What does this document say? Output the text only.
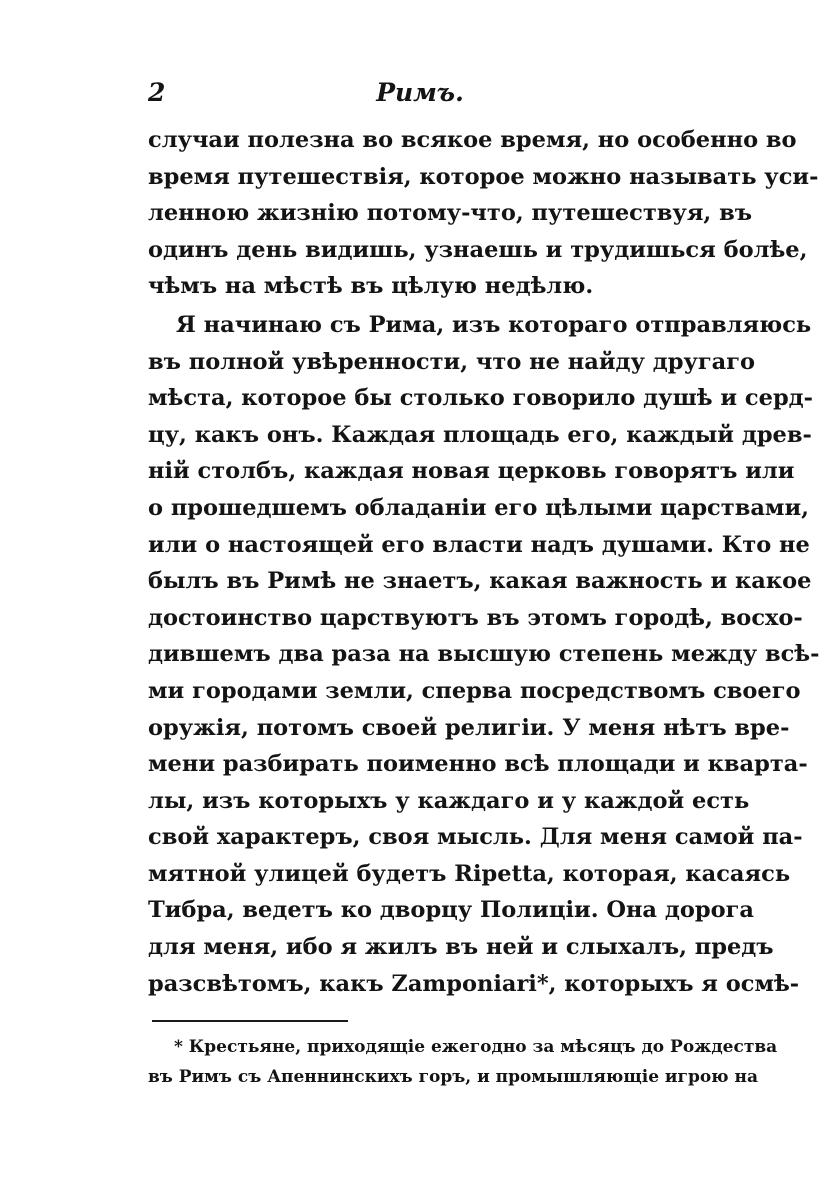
2	Римъ.
случаи полезна во всякое время, но особенно во
время путешествія, которое можно называть уси-
ленною жизнію потому-что, путешествуя, въ
одинъ день видишь, узнаешь и трудишься болѣе,
чѣмъ на мѣстѣ въ цѣлую недѣлю.
Я начинаю съ Рима, изъ котораго отправляюсь
въ полной увѣренности, что не найду другаго
мѣста, которое бы столько говорило душѣ и серд-
цу, какъ онъ. Каждая площадь его, каждый древ-
ній столбъ, каждая новая церковь говорятъ или
о прошедшемъ обладаніи его цѣлыми царствами,
или о настоящей его власти надъ душами. Кто не
былъ въ Римѣ не знаетъ, какая важность и какое
достоинство царствуютъ въ этомъ городѣ, восхо-
дившемъ два раза на высшую степень между всѣ-
ми городами земли, сперва посредствомъ своего
оружія, потомъ своей религіи. У меня нѣтъ вре-
мени разбирать поименно всѣ площади и кварта-
лы, изъ которыхъ у каждаго и у каждой есть
свой характеръ, своя мысль. Для меня самой па-
мятной улицей будетъ Ripetta, которая, касаясь
Тибра, ведетъ ко дворцу Полиціи. Она дорога
для меня, ибо я жилъ въ ней и слыхалъ, предъ
разсвѣтомъ, какъ Zamponiari*, которыхъ я осмѣ-
* Крестьяне, приходящіе ежегодно за мѣсяцъ до Рождества
въ Римъ съ Апеннинскихъ горъ, и промышляющіе игрою на
